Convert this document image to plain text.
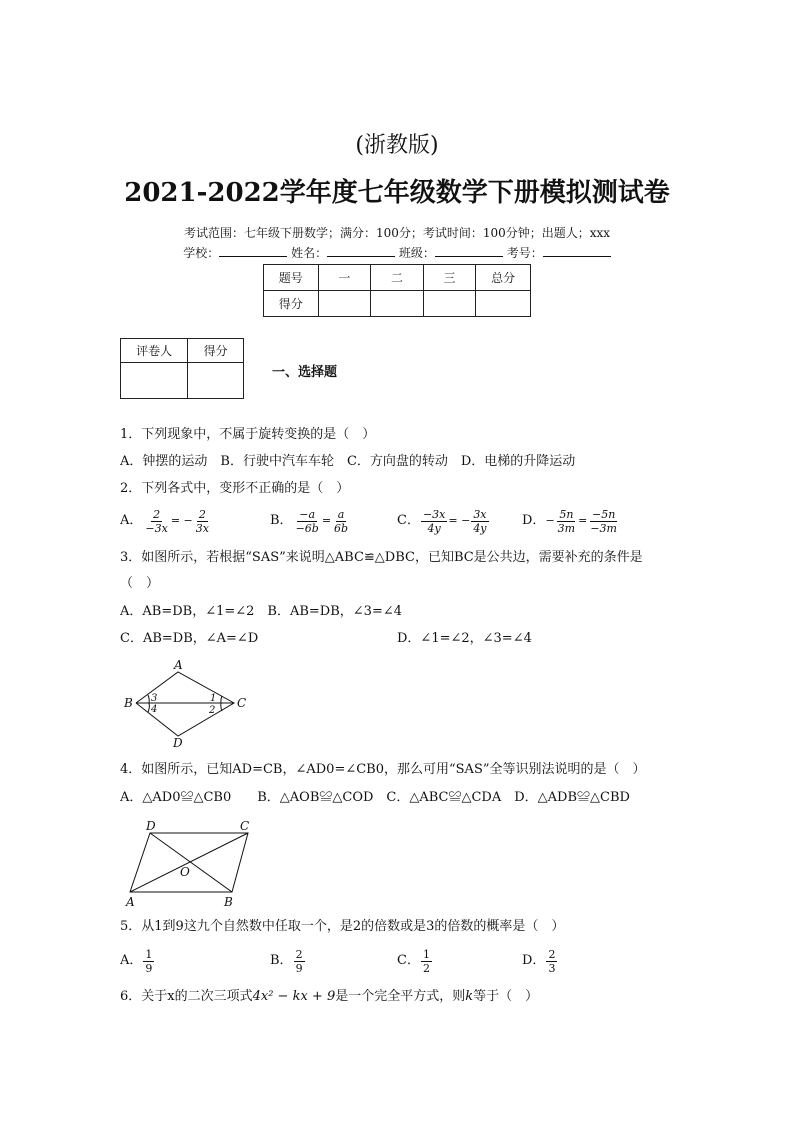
(浙教版)
2021-2022学年度七年级数学下册模拟测试卷
考试范围：七年级下册数学；满分：100分；考试时间：100分钟；出题人；xxx
学校：	姓名：	班级：	考号：
题号	一	二	三	总分
得分				
评卷人	得分

一、选择题
1．下列现象中，不属于旋转变换的是（　）
A．钟摆的运动　B．行驶中汽车车轮　C．方向盘的转动　D．电梯的升降运动
2．下列各式中，变形不正确的是（　）
A． $\frac{2}{-3x}$ = − $\frac{2}{3x}$	B． $\frac{-a}{-6b} = \frac{a}{6b}$	C． $\frac{-3x}{4y}$ = − $\frac{3x}{4y}$	D． − $\frac{5n}{3m} = \frac{-5n}{-3m}$
3．如图所示，若根据“SAS”来说明△ABC≌△DBC，已知BC是公共边，需要补充的条件是
（　）
A．AB=DB，∠1=∠2　B．AB=DB，∠3=∠4
C．AB=DB，∠A=∠D	D．∠1=∠2，∠3=∠4
A
B	C
D
1
2
3
4
4．如图所示，已知AD=CB，∠AD0=∠CB0，那么可用“SAS”全等识别法说明的是（　）
A．△AD0≌△CB0　　B．△AOB≌△COD　C．△ABC≌△CDA　D．△ADB≌△CBD
D	C
A	B
O
5．从1到9这九个自然数中任取一个，是2的倍数或是3的倍数的概率是（　）
A． $\frac{1}{9}$	B． $\frac{2}{9}$	C． $\frac{1}{2}$	D． $\frac{2}{3}$
6．关于x的二次三项式4x² − kx + 9是一个完全平方式，则k等于（　）
